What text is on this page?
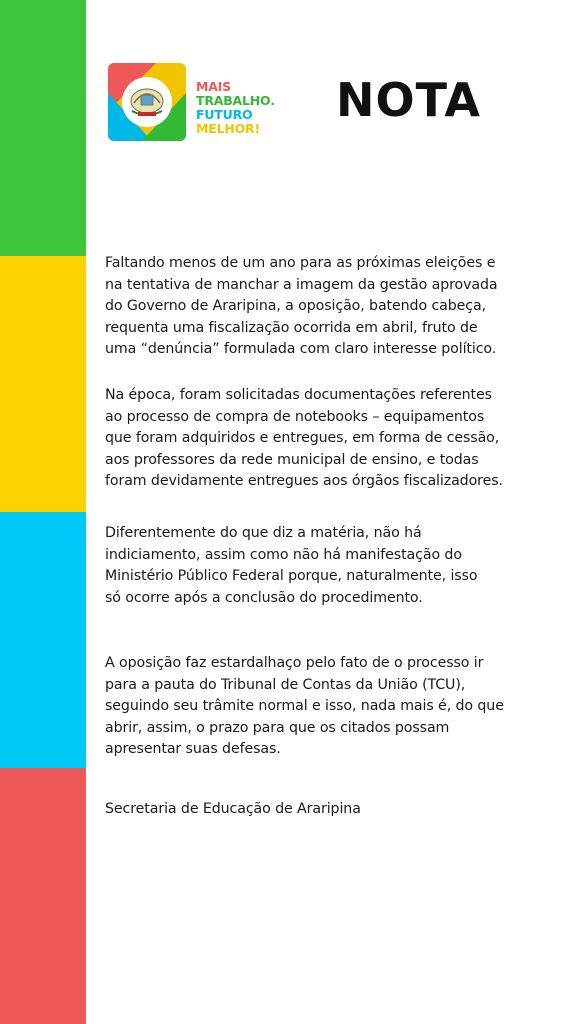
MAIS
TRABALHO.
FUTURO
MELHOR!
NOTA
Faltando menos de um ano para as próximas eleições e
na tentativa de manchar a imagem da gestão aprovada
do Governo de Araripina, a oposição, batendo cabeça,
requenta uma fiscalização ocorrida em abril, fruto de
uma “denúncia” formulada com claro interesse político.
Na época, foram solicitadas documentações referentes
ao processo de compra de notebooks – equipamentos
que foram adquiridos e entregues, em forma de cessão,
aos professores da rede municipal de ensino, e todas
foram devidamente entregues aos órgãos fiscalizadores.
Diferentemente do que diz a matéria, não há
indiciamento, assim como não há manifestação do
Ministério Público Federal porque, naturalmente, isso
só ocorre após a conclusão do procedimento.
A oposição faz estardalhaço pelo fato de o processo ir
para a pauta do Tribunal de Contas da União (TCU),
seguindo seu trâmite normal e isso, nada mais é, do que
abrir, assim, o prazo para que os citados possam
apresentar suas defesas.
Secretaria de Educação de Araripina
